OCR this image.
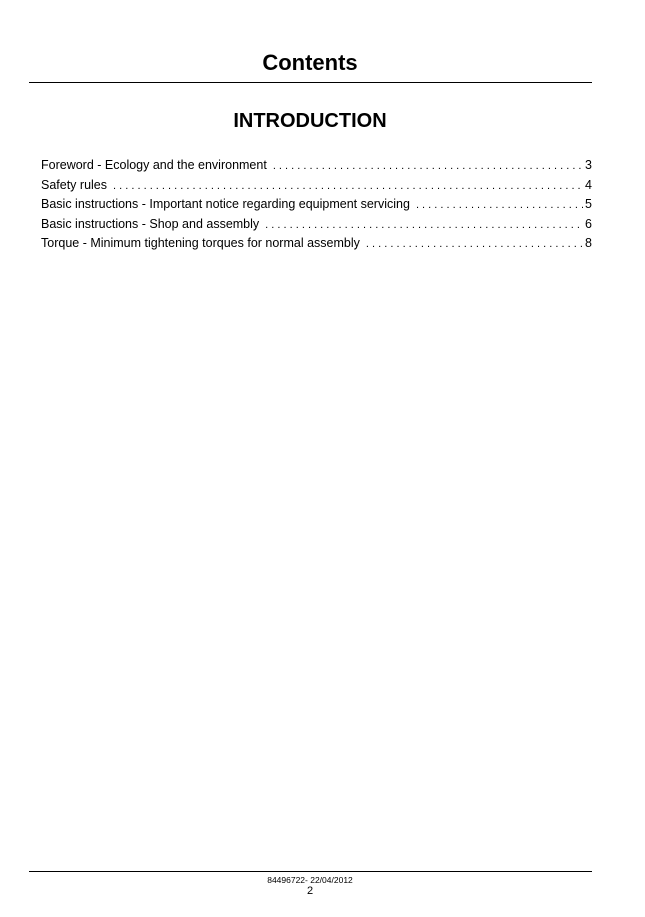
Contents
INTRODUCTION
Foreword - Ecology and the environment . . .	3
Safety rules . . .	4
Basic instructions - Important notice regarding equipment servicing . . .	5
Basic instructions - Shop and assembly . . .	6
Torque - Minimum tightening torques for normal assembly . . .	8
84496722- 22/04/2012
2
